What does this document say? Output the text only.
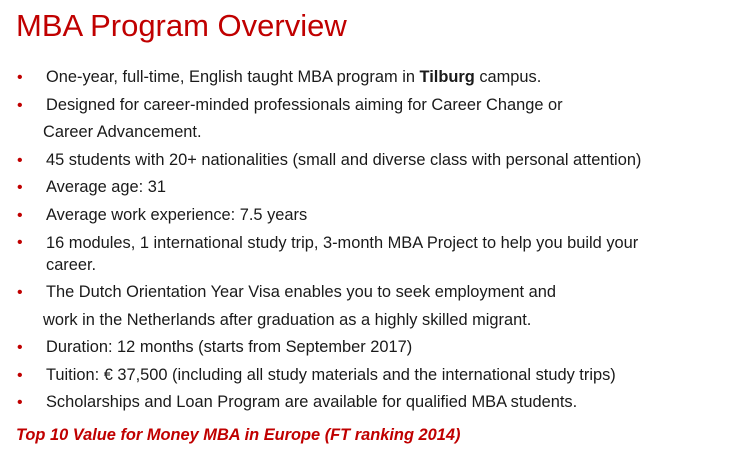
MBA Program Overview
• One-year, full-time, English taught MBA program in Tilburg campus.
• Designed for career-minded professionals aiming for Career Change or
Career Advancement.
• 45 students with 20+ nationalities (small and diverse class with personal attention)
• Average age: 31
• Average work experience: 7.5 years
• 16 modules, 1 international study trip, 3-month MBA Project to help you build your
career.
• The Dutch Orientation Year Visa enables you to seek employment and
work in the Netherlands after graduation as a highly skilled migrant.
• Duration: 12 months (starts from September 2017)
• Tuition: € 37,500 (including all study materials and the international study trips)
• Scholarships and Loan Program are available for qualified MBA students.

Top 10 Value for Money MBA in Europe (FT ranking 2014)
